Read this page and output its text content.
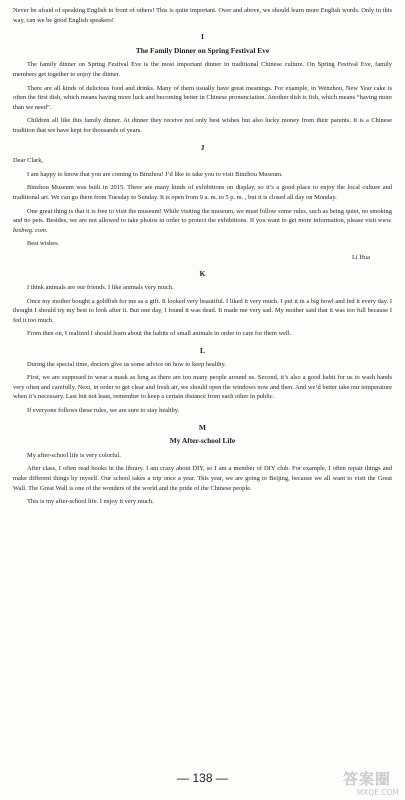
Never be afraid of speaking English in front of others! This is quite important. Over and above, we should learn more English words. Only in this way, can we be good English speakers!

I
The Family Dinner on Spring Festival Eve

The family dinner on Spring Festival Eve is the most important dinner in traditional Chinese culture. On Spring Festival Eve, family members get together to enjoy the dinner.

There are all kinds of delicious food and drinks. Many of them usually have great meanings. For example, in Wenzhou, New Year cake is often the first dish, which means having more luck and becoming better in Chinese pronunciation. Another dish is fish, which means “having more than we need”.

Children all like this family dinner. At dinner they receive not only best wishes but also lucky money from their parents. It is a Chinese tradition that we have kept for thousands of years.

J

Dear Clark,

I am happy to know that you are coming to Binzhou! I’d like to take you to visit Binzhou Museum.

Binzhou Museum was built in 2015. There are many kinds of exhibitions on display, so it’s a good place to enjoy the local culture and traditional art. We can go there from Tuesday to Sunday. It is open from 9 a. m. to 5 p. m. , but it is closed all day on Monday.

One great thing is that it is free to visit the museum! While visiting the museum, we must follow some rules, such as being quiet, no smoking and no pets. Besides, we are not allowed to take photos in order to protect the exhibitions. If you want to get more information, please visit www. bzsbwg. com.

Best wishes.

Li Hua

K

I think animals are our friends. I like animals very much.

Once my mother bought a goldfish for me as a gift. It looked very beautiful. I liked it very much. I put it in a big bowl and fed it every day. I thought I should try my best to look after it. But one day, I found it was dead. It made me very sad. My mother said that it was too full because I fed it too much.

From then on, I realized I should learn about the habits of small animals in order to care for them well.

L

During the special time, doctors give us some advice on how to keep healthy.

First, we are supposed to wear a mask as long as there are too many people around us. Second, it’s also a good habit for us to wash hands very often and carefully. Next, in order to get clear and fresh air, we should open the windows now and then. And we’d better take our temperature when it’s necessary. Last but not least, remember to keep a certain distance from each other in public.

If everyone follows these rules, we are sure to stay healthy.

M
My After-school Life

My after-school life is very colorful.

After class, I often read books in the library. I am crazy about DIY, so I am a member of DIY club. For example, I often repair things and make different things by myself. Our school takes a trip once a year. This year, we are going to Beijing, because we all want to visit the Great Wall. The Great Wall is one of the wonders of the world and the pride of the Chinese people.

This is my after-school life. I enjoy it very much.

— 138 —	答案圈
MXQE.COM
